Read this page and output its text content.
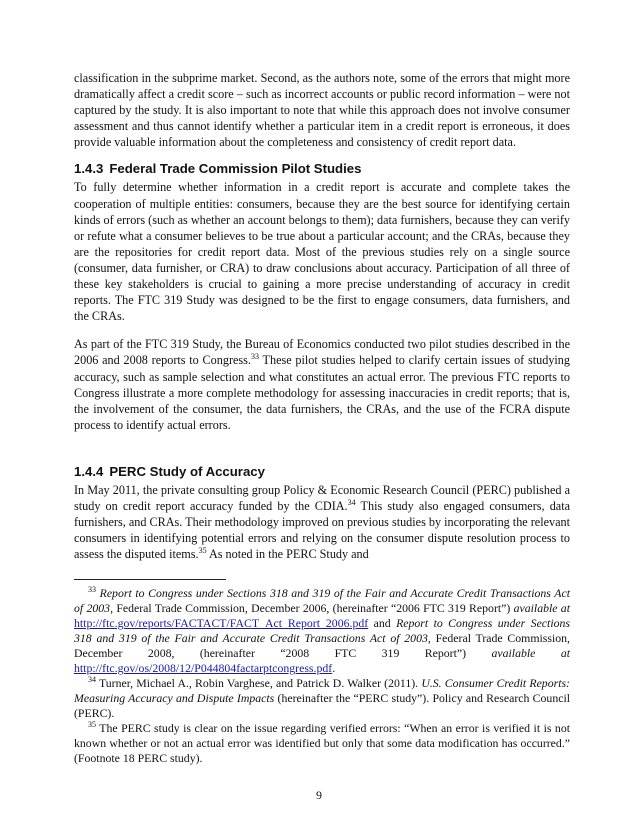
classification in the subprime market. Second, as the authors note, some of the errors that might more dramatically affect a credit score – such as incorrect accounts or public record information – were not captured by the study. It is also important to note that while this approach does not involve consumer assessment and thus cannot identify whether a particular item in a credit report is erroneous, it does provide valuable information about the completeness and consistency of credit report data.

1.4.3 Federal Trade Commission Pilot Studies

To fully determine whether information in a credit report is accurate and complete takes the cooperation of multiple entities: consumers, because they are the best source for identifying certain kinds of errors (such as whether an account belongs to them); data furnishers, because they can verify or refute what a consumer believes to be true about a particular account; and the CRAs, because they are the repositories for credit report data. Most of the previous studies rely on a single source (consumer, data furnisher, or CRA) to draw conclusions about accuracy. Participation of all three of these key stakeholders is crucial to gaining a more precise understanding of accuracy in credit reports. The FTC 319 Study was designed to be the first to engage consumers, data furnishers, and the CRAs.

As part of the FTC 319 Study, the Bureau of Economics conducted two pilot studies described in the 2006 and 2008 reports to Congress.$^{33}$ These pilot studies helped to clarify certain issues of studying accuracy, such as sample selection and what constitutes an actual error. The previous FTC reports to Congress illustrate a more complete methodology for assessing inaccuracies in credit reports; that is, the involvement of the consumer, the data furnishers, the CRAs, and the use of the FCRA dispute process to identify actual errors.

1.4.4 PERC Study of Accuracy

In May 2011, the private consulting group Policy & Economic Research Council (PERC) published a study on credit report accuracy funded by the CDIA.$^{34}$ This study also engaged consumers, data furnishers, and CRAs. Their methodology improved on previous studies by incorporating the relevant consumers in identifying potential errors and relying on the consumer dispute resolution process to assess the disputed items.$^{35}$ As noted in the PERC Study and

$^{33}$ Report to Congress under Sections 318 and 319 of the Fair and Accurate Credit Transactions Act of 2003, Federal Trade Commission, December 2006, (hereinafter “2006 FTC 319 Report”) available at http://ftc.gov/reports/FACTACT/FACT_Act_Report_2006.pdf and Report to Congress under Sections 318 and 319 of the Fair and Accurate Credit Transactions Act of 2003, Federal Trade Commission, December 2008, (hereinafter “2008 FTC 319 Report”) available at http://ftc.gov/os/2008/12/P044804factarptcongress.pdf.

$^{34}$ Turner, Michael A., Robin Varghese, and Patrick D. Walker (2011). U.S. Consumer Credit Reports: Measuring Accuracy and Dispute Impacts (hereinafter the “PERC study”). Policy and Research Council (PERC).

$^{35}$ The PERC study is clear on the issue regarding verified errors: “When an error is verified it is not known whether or not an actual error was identified but only that some data modification has occurred.” (Footnote 18 PERC study).

9
